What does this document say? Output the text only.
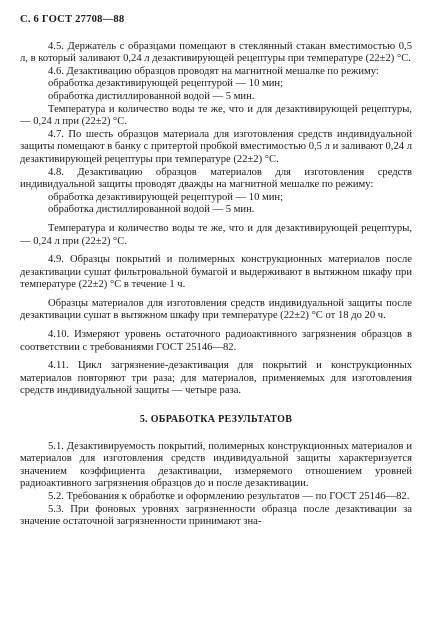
С. 6 ГОСТ 27708—88

4.5. Держатель с образцами помещают в стеклянный стакан вместимостью 0,5 л, в который заливают 0,24 л дезактивирующей рецептуры при температуре (22±2) °С.

4.6. Дезактивацию образцов проводят на магнитной мешалке по режиму:

обработка дезактивирующей рецептурой — 10 мин;

обработка дистиллированной водой — 5 мин.

Температура и количество воды те же, что и для дезактивирующей рецептуры,— 0,24 л при (22±2) °С.

4.7. По шесть образцов материала для изготовления средств индивидуальной защиты помещают в банку с притертой пробкой вместимостью 0,5 л и заливают 0,24 л дезактивирующей рецептуры при температуре (22±2) °С.

4.8. Дезактивацию образцов материалов для изготовления средств индивидуальной защиты проводят дважды на магнитной мешалке по режиму:

обработка дезактивирующей рецептурой — 10 мин;

обработка дистиллированной водой — 5 мин.

Температура и количество воды те же, что и для дезактивирующей рецептуры,— 0,24 л при (22±2) °С.

4.9. Образцы покрытий и полимерных конструкционных материалов после дезактивации сушат фильтровальной бумагой и выдерживают в вытяжном шкафу при температуре (22±2) °С в течение 1 ч.

Образцы материалов для изготовления средств индивидуальной защиты после дезактивации сушат в вытяжном шкафу при температуре (22±2) °С от 18 до 20 ч.

4.10. Измеряют уровень остаточного радиоактивного загрязнения образцов в соответствии с требованиями ГОСТ 25146—82.

4.11. Цикл загрязнение-дезактивация для покрытий и конструкционных материалов повторяют три раза; для материалов, применяемых для изготовления средств индивидуальной защиты — четыре раза.

5. ОБРАБОТКА РЕЗУЛЬТАТОВ

5.1. Дезактивируемость покрытий, полимерных конструкционных материалов и материалов для изготовления средств индивидуальной защиты характеризуется значением коэффициента дезактивации, измеряемого отношением уровней радиоактивного загрязнения образцов до и после дезактивации.

5.2. Требования к обработке и оформлению результатов — по ГОСТ 25146—82.

5.3. При фоновых уровнях загрязненности образца после дезактивации за значение остаточной загрязненности принимают зна-
